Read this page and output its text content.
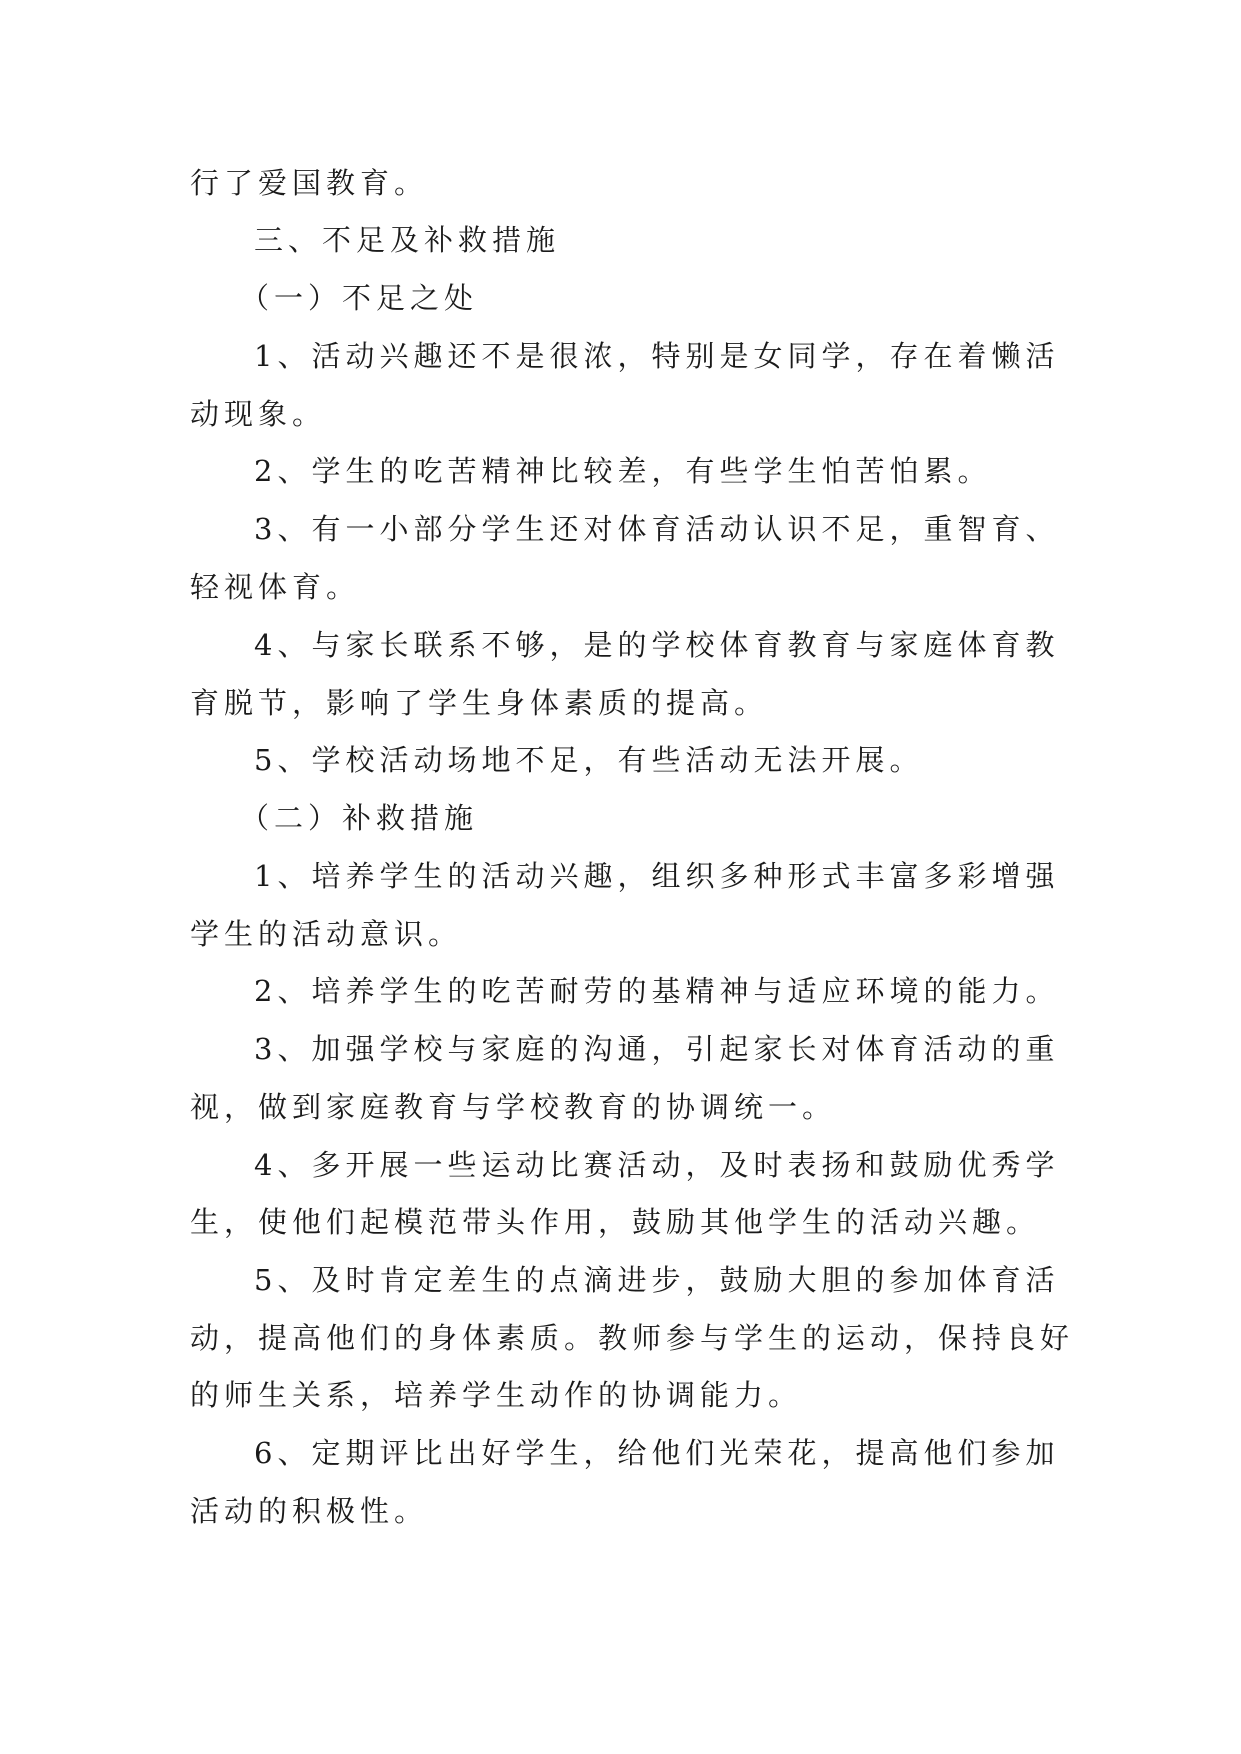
行了爱国教育。
三、不足及补救措施
（一）不足之处
1、活动兴趣还不是很浓，特别是女同学，存在着懒活
动现象。
2、学生的吃苦精神比较差，有些学生怕苦怕累。
3、有一小部分学生还对体育活动认识不足，重智育、
轻视体育。
4、与家长联系不够，是的学校体育教育与家庭体育教
育脱节，影响了学生身体素质的提高。
5、学校活动场地不足，有些活动无法开展。
（二）补救措施
1、培养学生的活动兴趣，组织多种形式丰富多彩增强
学生的活动意识。
2、培养学生的吃苦耐劳的基精神与适应环境的能力。
3、加强学校与家庭的沟通，引起家长对体育活动的重
视，做到家庭教育与学校教育的协调统一。
4、多开展一些运动比赛活动，及时表扬和鼓励优秀学
生，使他们起模范带头作用，鼓励其他学生的活动兴趣。
5、及时肯定差生的点滴进步，鼓励大胆的参加体育活
动，提高他们的身体素质。教师参与学生的运动，保持良好
的师生关系，培养学生动作的协调能力。
6、定期评比出好学生，给他们光荣花，提高他们参加
活动的积极性。
